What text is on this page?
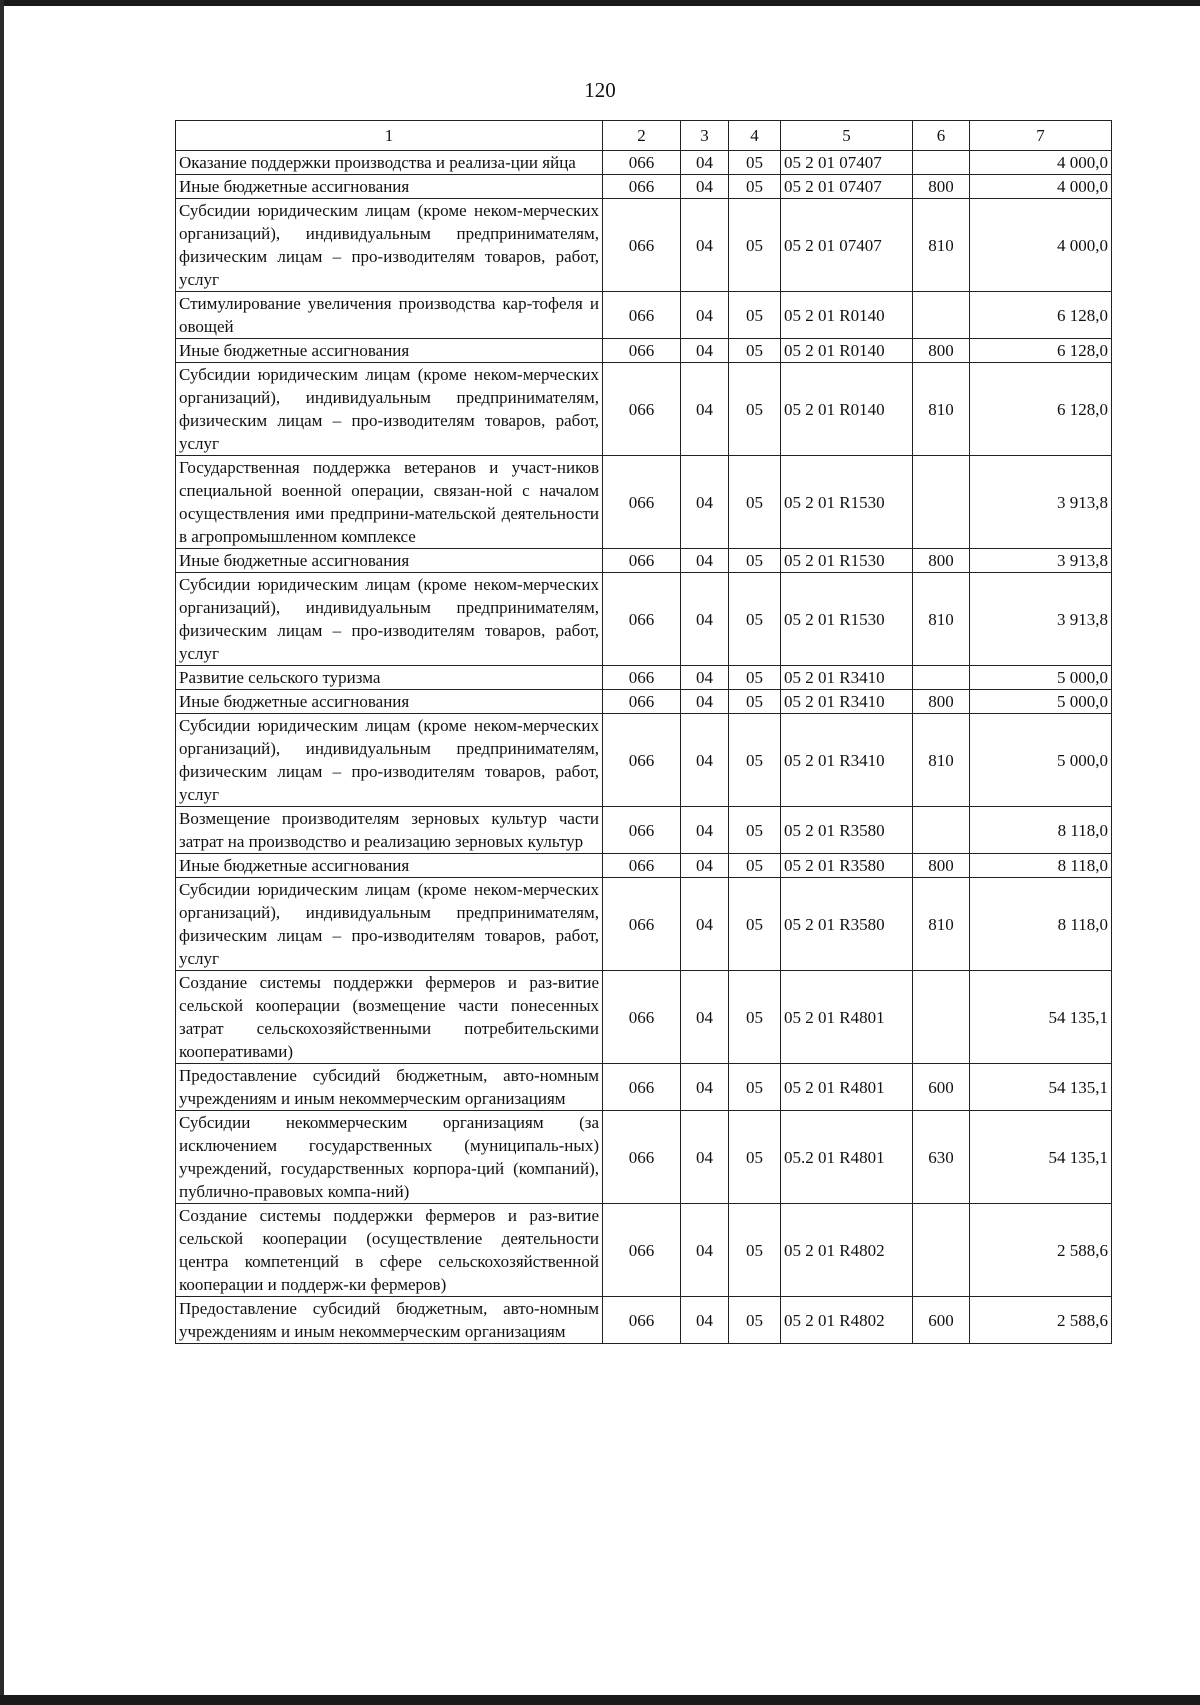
120
1	2	3	4	5	6	7
Оказание поддержки производства и реализа-ции яйца	066	04	05	05 2 01 07407		4 000,0
Иные бюджетные ассигнования	066	04	05	05 2 01 07407	800	4 000,0
Субсидии юридическим лицам (кроме неком-мерческих организаций), индивидуальным предпринимателям, физическим лицам – про-изводителям товаров, работ, услуг	066	04	05	05 2 01 07407	810	4 000,0
Стимулирование увеличения производства кар-тофеля и овощей	066	04	05	05 2 01 R0140		6 128,0
Иные бюджетные ассигнования	066	04	05	05 2 01 R0140	800	6 128,0
Субсидии юридическим лицам (кроме неком-мерческих организаций), индивидуальным предпринимателям, физическим лицам – про-изводителям товаров, работ, услуг	066	04	05	05 2 01 R0140	810	6 128,0
Государственная поддержка ветеранов и участ-ников специальной военной операции, связан-ной с началом осуществления ими предприни-мательской деятельности в агропромышленном комплексе	066	04	05	05 2 01 R1530		3 913,8
Иные бюджетные ассигнования	066	04	05	05 2 01 R1530	800	3 913,8
Субсидии юридическим лицам (кроме неком-мерческих организаций), индивидуальным предпринимателям, физическим лицам – про-изводителям товаров, работ, услуг	066	04	05	05 2 01 R1530	810	3 913,8
Развитие сельского туризма	066	04	05	05 2 01 R3410		5 000,0
Иные бюджетные ассигнования	066	04	05	05 2 01 R3410	800	5 000,0
Субсидии юридическим лицам (кроме неком-мерческих организаций), индивидуальным предпринимателям, физическим лицам – про-изводителям товаров, работ, услуг	066	04	05	05 2 01 R3410	810	5 000,0
Возмещение производителям зерновых культур части затрат на производство и реализацию зерновых культур	066	04	05	05 2 01 R3580		8 118,0
Иные бюджетные ассигнования	066	04	05	05 2 01 R3580	800	8 118,0
Субсидии юридическим лицам (кроме неком-мерческих организаций), индивидуальным предпринимателям, физическим лицам – про-изводителям товаров, работ, услуг	066	04	05	05 2 01 R3580	810	8 118,0
Создание системы поддержки фермеров и раз-витие сельской кооперации (возмещение части понесенных затрат сельскохозяйственными потребительскими кооперативами)	066	04	05	05 2 01 R4801		54 135,1
Предоставление субсидий бюджетным, авто-номным учреждениям и иным некоммерческим организациям	066	04	05	05 2 01 R4801	600	54 135,1
Субсидии некоммерческим организациям (за исключением государственных (муниципаль-ных) учреждений, государственных корпора-ций (компаний), публично-правовых компа-ний)	066	04	05	05.2 01 R4801	630	54 135,1
Создание системы поддержки фермеров и раз-витие сельской кооперации (осуществление деятельности центра компетенций в сфере сельскохозяйственной кооперации и поддерж-ки фермеров)	066	04	05	05 2 01 R4802		2 588,6
Предоставление субсидий бюджетным, авто-номным учреждениям и иным некоммерческим организациям	066	04	05	05 2 01 R4802	600	2 588,6
